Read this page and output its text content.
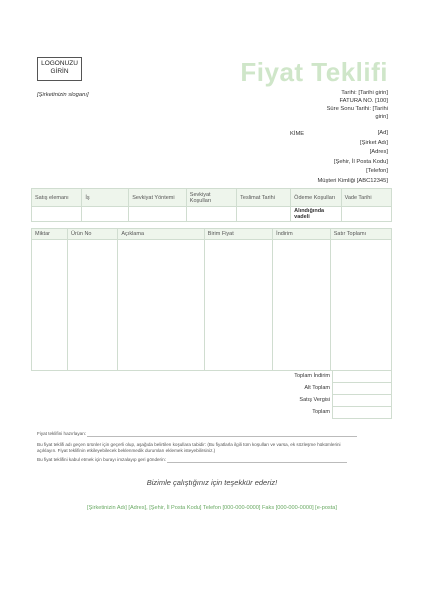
LOGONUZU
GİRİN	Fiyat Teklifi
[Şirketinizin sloganı]	Tarihi: [Tarihi girin]
FATURA NO. [100]
Süre Sonu Tarihi: [Tarihi
girin]
KİME	[Ad]
[Şirket Adı]
[Adres]
[Şehir, İl Posta Kodu]
[Telefon]
Müşteri Kimliği [ABC12345]
Satış elemanı	İş	Sevkiyat Yöntemi	Sevkiyat Koşulları	Teslimat Tarihi	Ödeme Koşulları	Vade Tarihi
					Alındığında vadeli	
Miktar	Ürün No	Açıklama	Birim Fiyat	İndirim	Satır Toplamı

Toplam İndirim
Alt Toplam
Satış Vergisi
Toplam
Fiyat teklifini hazırlayan:
Bu fiyat teklifi adı geçen ürünler için geçerli olup, aşağıda belirtilen koşullara tabidir: (Bu fiyatlarla ilgili tüm koşulları ve varsa, ek sözleşme hükümlerini açıklayın. Fiyat teklifinin etkileyebilecek beklenmedik durumları eklemek isteyebilirsiniz.)
Bu fiyat teklifini kabul etmek için burayı imzalayıp geri gönderin:
Bizimle çalıştığınız için teşekkür ederiz!
[Şirketinizin Adı] [Adres], [Şehir, İl Posta Kodu] Telefon [000-000-0000] Faks [000-000-0000] [e-posta]
